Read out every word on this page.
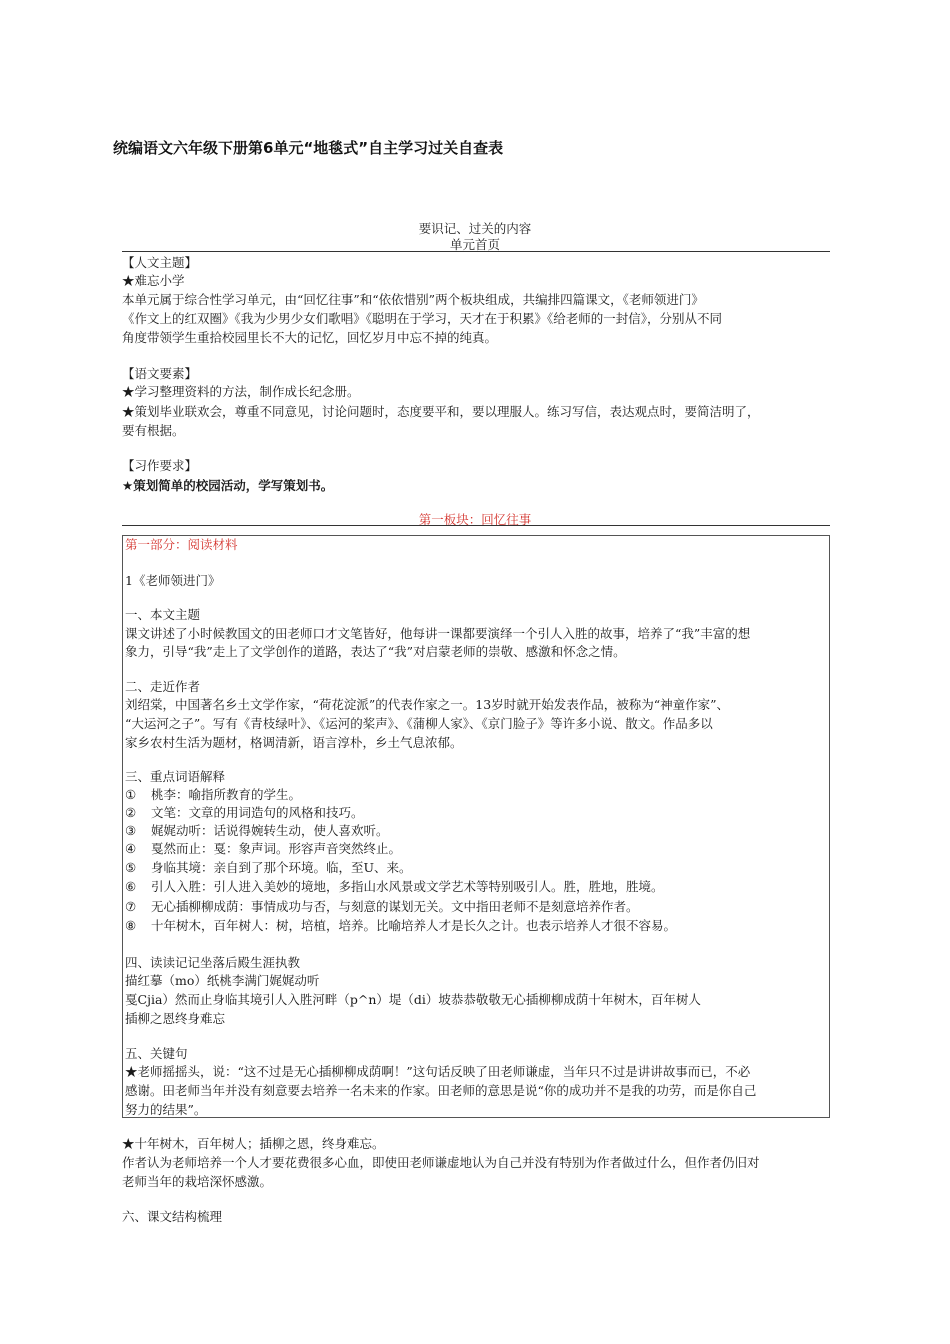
统编语文六年级下册第6单元“地毯式”自主学习过关自查表
要识记、过关的内容
单元首页
【人文主题】
★难忘小学
本单元属于综合性学习单元，由“回忆往事”和“依依惜别”两个板块组成，共编排四篇课文，《老师领进门》
《作文上的红双圈》《我为少男少女们歌唱》《聪明在于学习，天才在于积累》《给老师的一封信》，分别从不同
角度带领学生重拾校园里长不大的记忆，回忆岁月中忘不掉的纯真。
【语文要素】
★学习整理资料的方法，制作成长纪念册。
★策划毕业联欢会，尊重不同意见，讨论问题时，态度要平和，要以理服人。练习写信，表达观点时，要简洁明了，
要有根据。
【习作要求】
★策划简单的校园活动，学写策划书。
第一板块：回忆往事
第一部分：阅读材料
1《老师领进门》
一、本文主题
课文讲述了小时候教国文的田老师口才文笔皆好，他每讲一课都要演绎一个引人入胜的故事，培养了“我”丰富的想
象力，引导“我”走上了文学创作的道路，表达了“我”对启蒙老师的崇敬、感激和怀念之情。
二、走近作者
刘绍棠，中国著名乡土文学作家，“荷花淀派”的代表作家之一。13岁时就开始发表作品，被称为“神童作家”、
“大运河之子”。写有《青枝绿叶》、《运河的桨声》、《蒲柳人家》、《京门脸子》等许多小说、散文。作品多以
家乡农村生活为题材，格调清新，语言淳朴，乡土气息浓郁。
三、重点词语解释
① 桃李：喻指所教育的学生。
② 文笔：文章的用词造句的风格和技巧。
③ 娓娓动听：话说得婉转生动，使人喜欢听。
④ 戛然而止：戛：象声词。形容声音突然终止。
⑤ 身临其境：亲自到了那个环境。临，至U、来。
⑥ 引人入胜：引人进入美妙的境地，多指山水风景或文学艺术等特别吸引人。胜，胜地，胜境。
⑦ 无心插柳柳成荫：事情成功与否，与刻意的谋划无关。文中指田老师不是刻意培养作者。
⑧ 十年树木，百年树人：树，培植，培养。比喻培养人才是长久之计。也表示培养人才很不容易。
四、读读记记坐落后殿生涯执教
描红摹（mo）纸桃李满门娓娓动听
戛Cjia）然而止身临其境引人入胜河畔（p^n）堤（di）坡恭恭敬敬无心插柳柳成荫十年树木，百年树人
插柳之恩终身难忘
五、关键句
★老师摇摇头，说：“这不过是无心插柳柳成荫啊！”这句话反映了田老师谦虚，当年只不过是讲讲故事而已，不必
感谢。田老师当年并没有刻意要去培养一名未来的作家。田老师的意思是说“你的成功并不是我的功劳，而是你自己
努力的结果”。
★十年树木，百年树人；插柳之恩，终身难忘。
作者认为老师培养一个人才要花费很多心血，即使田老师谦虚地认为自己并没有特别为作者做过什么，但作者仍旧对
老师当年的栽培深怀感激。
六、课文结构梳理
